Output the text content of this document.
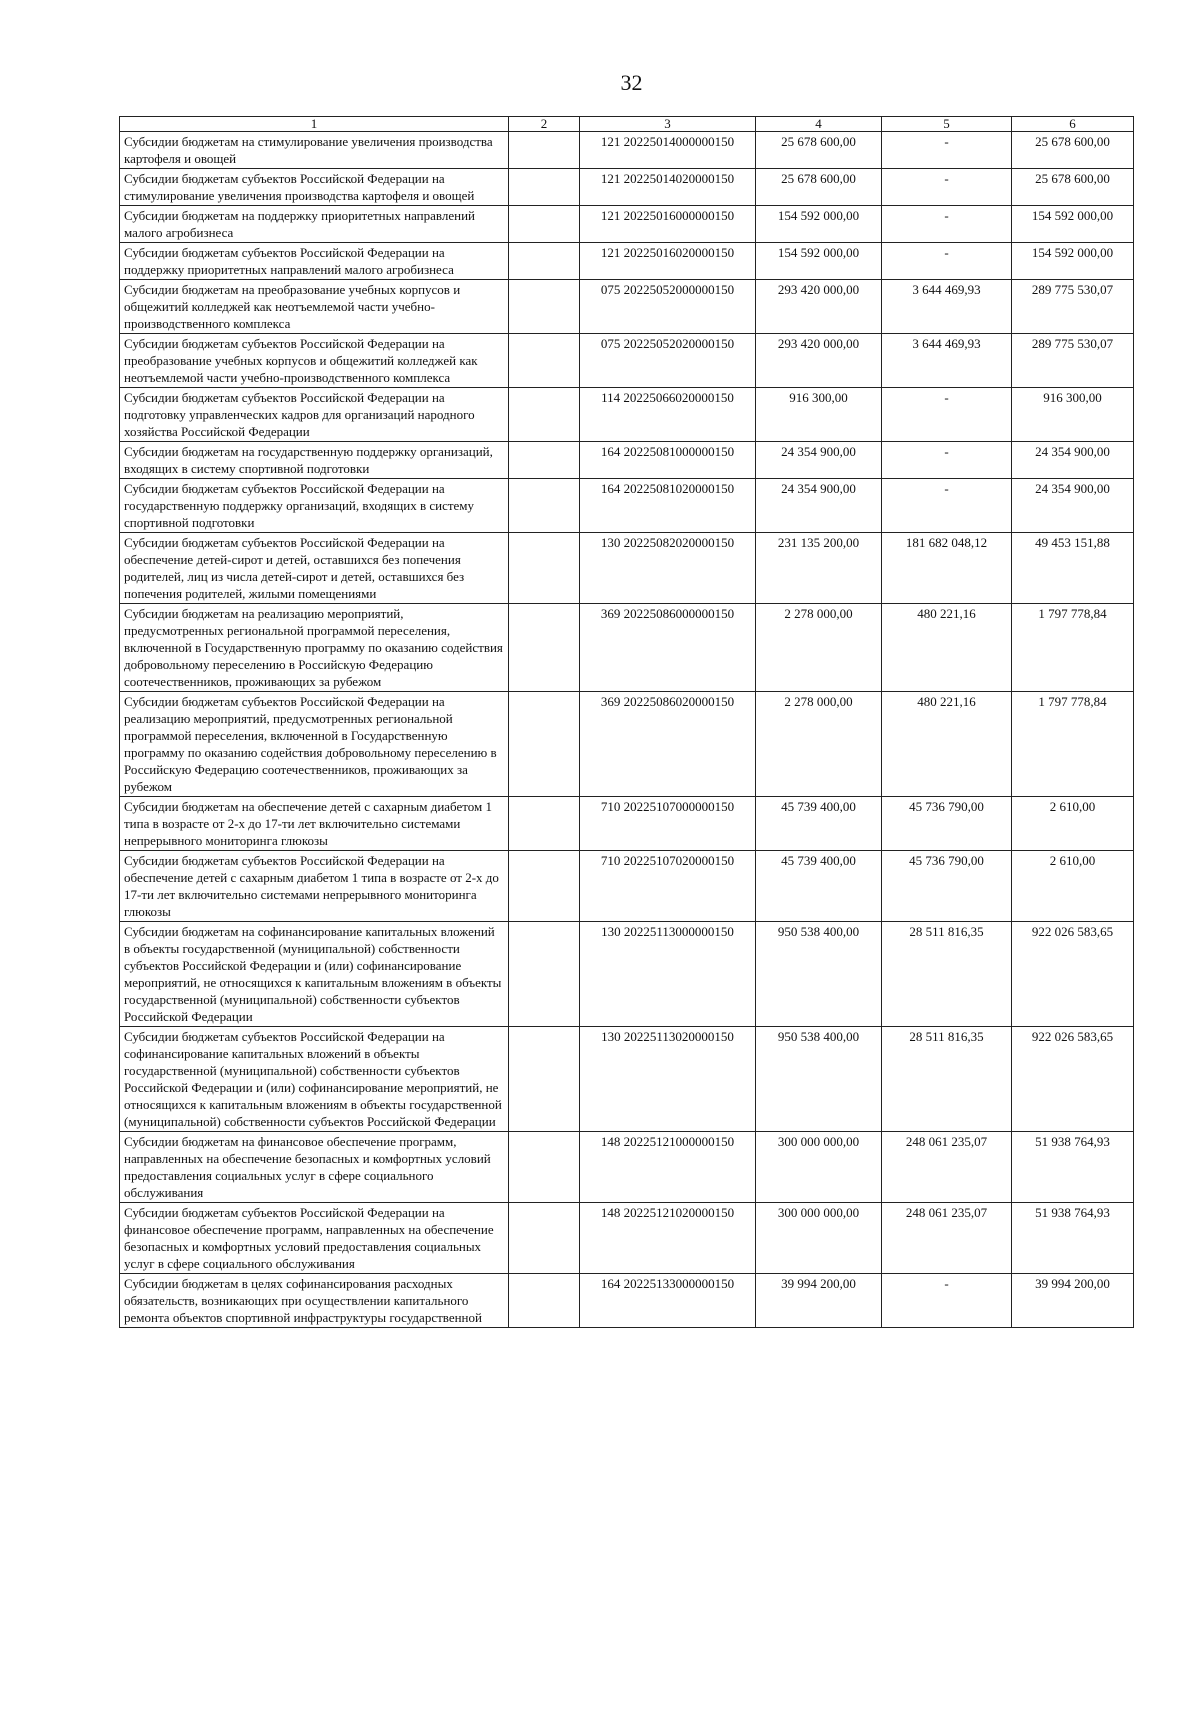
32
1	2	3	4	5	6
Субсидии бюджетам на стимулирование увеличения производства картофеля и овощей		121 20225014000000150	25 678 600,00	-	25 678 600,00
Субсидии бюджетам субъектов Российской Федерации на стимулирование увеличения производства картофеля и овощей		121 20225014020000150	25 678 600,00	-	25 678 600,00
Субсидии бюджетам на поддержку приоритетных направлений малого агробизнеса		121 20225016000000150	154 592 000,00	-	154 592 000,00
Субсидии бюджетам субъектов Российской Федерации на поддержку приоритетных направлений малого агробизнеса		121 20225016020000150	154 592 000,00	-	154 592 000,00
Субсидии бюджетам на преобразование учебных корпусов и общежитий колледжей как неотъемлемой части учебно-производственного комплекса		075 20225052000000150	293 420 000,00	3 644 469,93	289 775 530,07
Субсидии бюджетам субъектов Российской Федерации на преобразование учебных корпусов и общежитий колледжей как неотъемлемой части учебно-производственного комплекса		075 20225052020000150	293 420 000,00	3 644 469,93	289 775 530,07
Субсидии бюджетам субъектов Российской Федерации на подготовку управленческих кадров для организаций народного хозяйства Российской Федерации		114 20225066020000150	916 300,00	-	916 300,00
Субсидии бюджетам на государственную поддержку организаций, входящих в систему спортивной подготовки		164 20225081000000150	24 354 900,00	-	24 354 900,00
Субсидии бюджетам субъектов Российской Федерации на государственную поддержку организаций, входящих в систему спортивной подготовки		164 20225081020000150	24 354 900,00	-	24 354 900,00
Субсидии бюджетам субъектов Российской Федерации на обеспечение детей-сирот и детей, оставшихся без попечения родителей, лиц из числа детей-сирот и детей, оставшихся без попечения родителей, жилыми помещениями		130 20225082020000150	231 135 200,00	181 682 048,12	49 453 151,88
Субсидии бюджетам на реализацию мероприятий, предусмотренных региональной программой переселения, включенной в Государственную программу по оказанию содействия добровольному переселению в Российскую Федерацию соотечественников, проживающих за рубежом		369 20225086000000150	2 278 000,00	480 221,16	1 797 778,84
Субсидии бюджетам субъектов Российской Федерации на реализацию мероприятий, предусмотренных региональной программой переселения, включенной в Государственную программу по оказанию содействия добровольному переселению в Российскую Федерацию соотечественников, проживающих за рубежом		369 20225086020000150	2 278 000,00	480 221,16	1 797 778,84
Субсидии бюджетам на обеспечение детей с сахарным диабетом 1 типа в возрасте от 2-х до 17-ти лет включительно системами непрерывного мониторинга глюкозы		710 20225107000000150	45 739 400,00	45 736 790,00	2 610,00
Субсидии бюджетам субъектов Российской Федерации на обеспечение детей с сахарным диабетом 1 типа в возрасте от 2-х до 17-ти лет включительно системами непрерывного мониторинга глюкозы		710 20225107020000150	45 739 400,00	45 736 790,00	2 610,00
Субсидии бюджетам на софинансирование капитальных вложений в объекты государственной (муниципальной) собственности субъектов Российской Федерации и (или) софинансирование мероприятий, не относящихся к капитальным вложениям в объекты государственной (муниципальной) собственности субъектов Российской Федерации		130 20225113000000150	950 538 400,00	28 511 816,35	922 026 583,65
Субсидии бюджетам субъектов Российской Федерации на софинансирование капитальных вложений в объекты государственной (муниципальной) собственности субъектов Российской Федерации и (или) софинансирование мероприятий, не относящихся к капитальным вложениям в объекты государственной (муниципальной) собственности субъектов Российской Федерации		130 20225113020000150	950 538 400,00	28 511 816,35	922 026 583,65
Субсидии бюджетам на финансовое обеспечение программ, направленных на обеспечение безопасных и комфортных условий предоставления социальных услуг в сфере социального обслуживания		148 20225121000000150	300 000 000,00	248 061 235,07	51 938 764,93
Субсидии бюджетам субъектов Российской Федерации на финансовое обеспечение программ, направленных на обеспечение безопасных и комфортных условий предоставления социальных услуг в сфере социального обслуживания		148 20225121020000150	300 000 000,00	248 061 235,07	51 938 764,93
Субсидии бюджетам в целях софинансирования расходных обязательств, возникающих при осуществлении капитального ремонта объектов спортивной инфраструктуры государственной		164 20225133000000150	39 994 200,00	-	39 994 200,00
